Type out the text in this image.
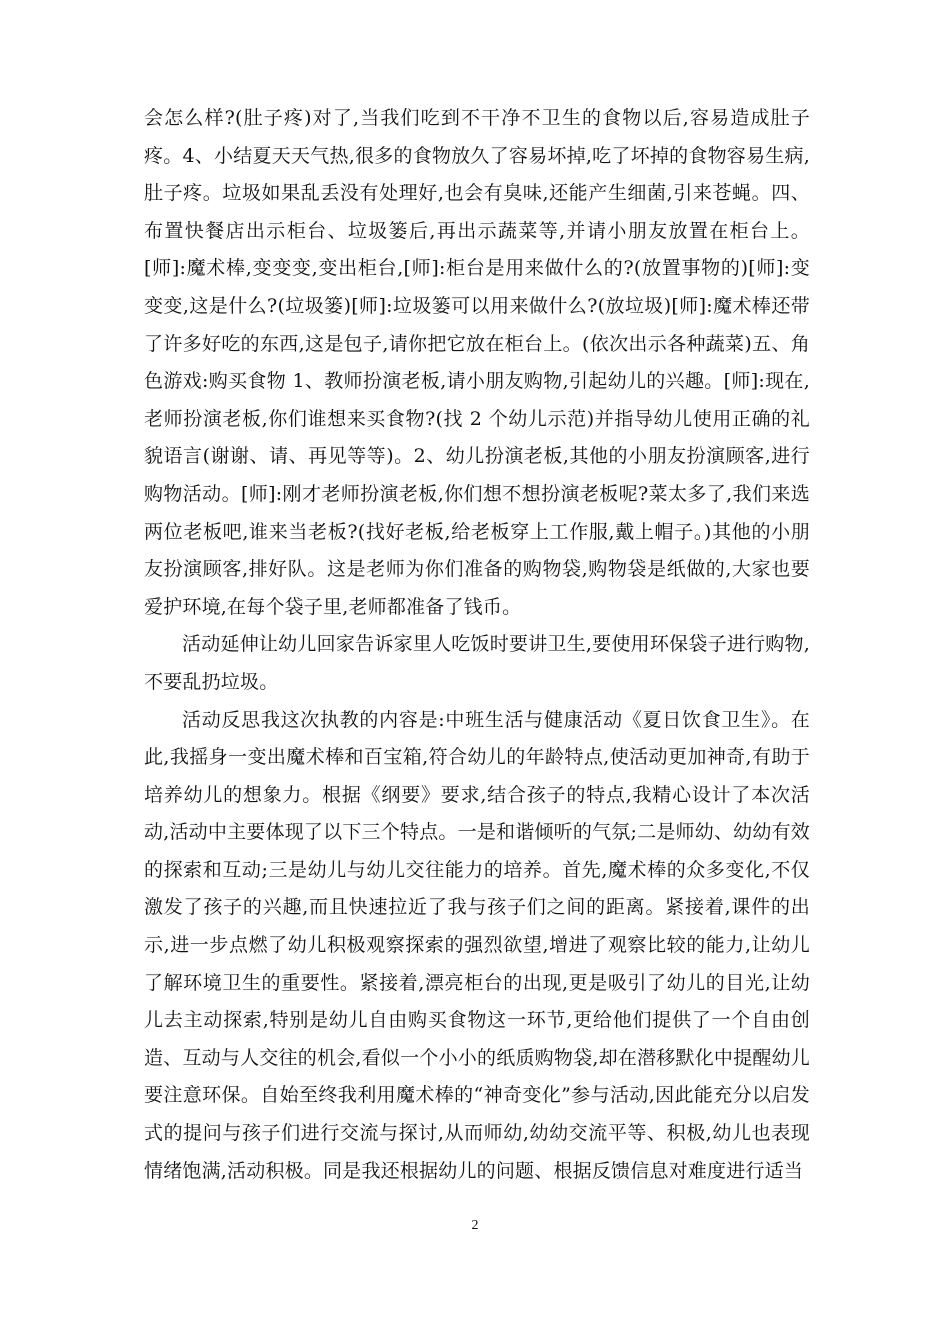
会怎么样?(肚子疼)对了,当我们吃到不干净不卫生的食物以后,容易造成肚子疼。4、小结夏天天气热,很多的食物放久了容易坏掉,吃了坏掉的食物容易生病,肚子疼。垃圾如果乱丢没有处理好,也会有臭味,还能产生细菌,引来苍蝇。四、布置快餐店出示柜台、垃圾篓后,再出示蔬菜等,并请小朋友放置在柜台上。[师]:魔术棒,变变变,变出柜台,[师]:柜台是用来做什么的?(放置事物的)[师]:变变变,这是什么?(垃圾篓)[师]:垃圾篓可以用来做什么?(放垃圾)[师]:魔术棒还带了许多好吃的东西,这是包子,请你把它放在柜台上。(依次出示各种蔬菜)五、角色游戏:购买食物 1、教师扮演老板,请小朋友购物,引起幼儿的兴趣。[师]:现在,老师扮演老板,你们谁想来买食物?(找 2 个幼儿示范)并指导幼儿使用正确的礼貌语言(谢谢、请、再见等等)。2、幼儿扮演老板,其他的小朋友扮演顾客,进行购物活动。[师]:刚才老师扮演老板,你们想不想扮演老板呢?菜太多了,我们来选两位老板吧,谁来当老板?(找好老板,给老板穿上工作服,戴上帽子。)其他的小朋友扮演顾客,排好队。这是老师为你们准备的购物袋,购物袋是纸做的,大家也要爱护环境,在每个袋子里,老师都准备了钱币。

活动延伸让幼儿回家告诉家里人吃饭时要讲卫生,要使用环保袋子进行购物,不要乱扔垃圾。

活动反思我这次执教的内容是:中班生活与健康活动《夏日饮食卫生》。在此,我摇身一变出魔术棒和百宝箱,符合幼儿的年龄特点,使活动更加神奇,有助于培养幼儿的想象力。根据《纲要》要求,结合孩子的特点,我精心设计了本次活动,活动中主要体现了以下三个特点。一是和谐倾听的气氛;二是师幼、幼幼有效的探索和互动;三是幼儿与幼儿交往能力的培养。首先,魔术棒的众多变化,不仅激发了孩子的兴趣,而且快速拉近了我与孩子们之间的距离。紧接着,课件的出示,进一步点燃了幼儿积极观察探索的强烈欲望,增进了观察比较的能力,让幼儿了解环境卫生的重要性。紧接着,漂亮柜台的出现,更是吸引了幼儿的目光,让幼儿去主动探索,特别是幼儿自由购买食物这一环节,更给他们提供了一个自由创造、互动与人交往的机会,看似一个小小的纸质购物袋,却在潜移默化中提醒幼儿要注意环保。自始至终我利用魔术棒的“神奇变化”参与活动,因此能充分以启发式的提问与孩子们进行交流与探讨,从而师幼,幼幼交流平等、积极,幼儿也表现情绪饱满,活动积极。同是我还根据幼儿的问题、根据反馈信息对难度进行适当

2
